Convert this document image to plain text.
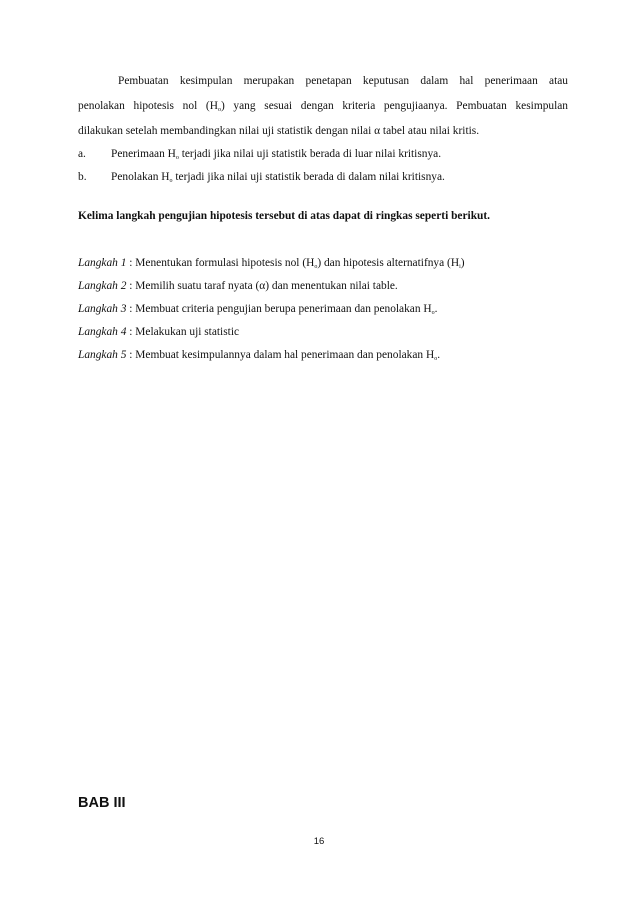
Pembuatan kesimpulan merupakan penetapan keputusan dalam hal penerimaan atau
penolakan hipotesis nol $(H_o)$ yang sesuai dengan kriteria pengujiaanya. Pembuatan kesimpulan
dilakukan setelah membandingkan nilai uji statistik dengan nilai α tabel atau nilai kritis.
a. Penerimaan $H_o$ terjadi jika nilai uji statistik berada di luar nilai kritisnya.
b. Penolakan $H_o$ terjadi jika nilai uji statistik berada di dalam nilai kritisnya.
Kelima langkah pengujian hipotesis tersebut di atas dapat di ringkas seperti berikut.
Langkah 1 : Menentukan formulasi hipotesis nol $(H_o)$ dan hipotesis alternatifnya $(H_i)$
Langkah 2 : Memilih suatu taraf nyata (α) dan menentukan nilai table.
Langkah 3 : Membuat criteria pengujian berupa penerimaan dan penolakan $H_o$.
Langkah 4 : Melakukan uji statistic
Langkah 5 : Membuat kesimpulannya dalam hal penerimaan dan penolakan $H_o$.
BAB III
16
